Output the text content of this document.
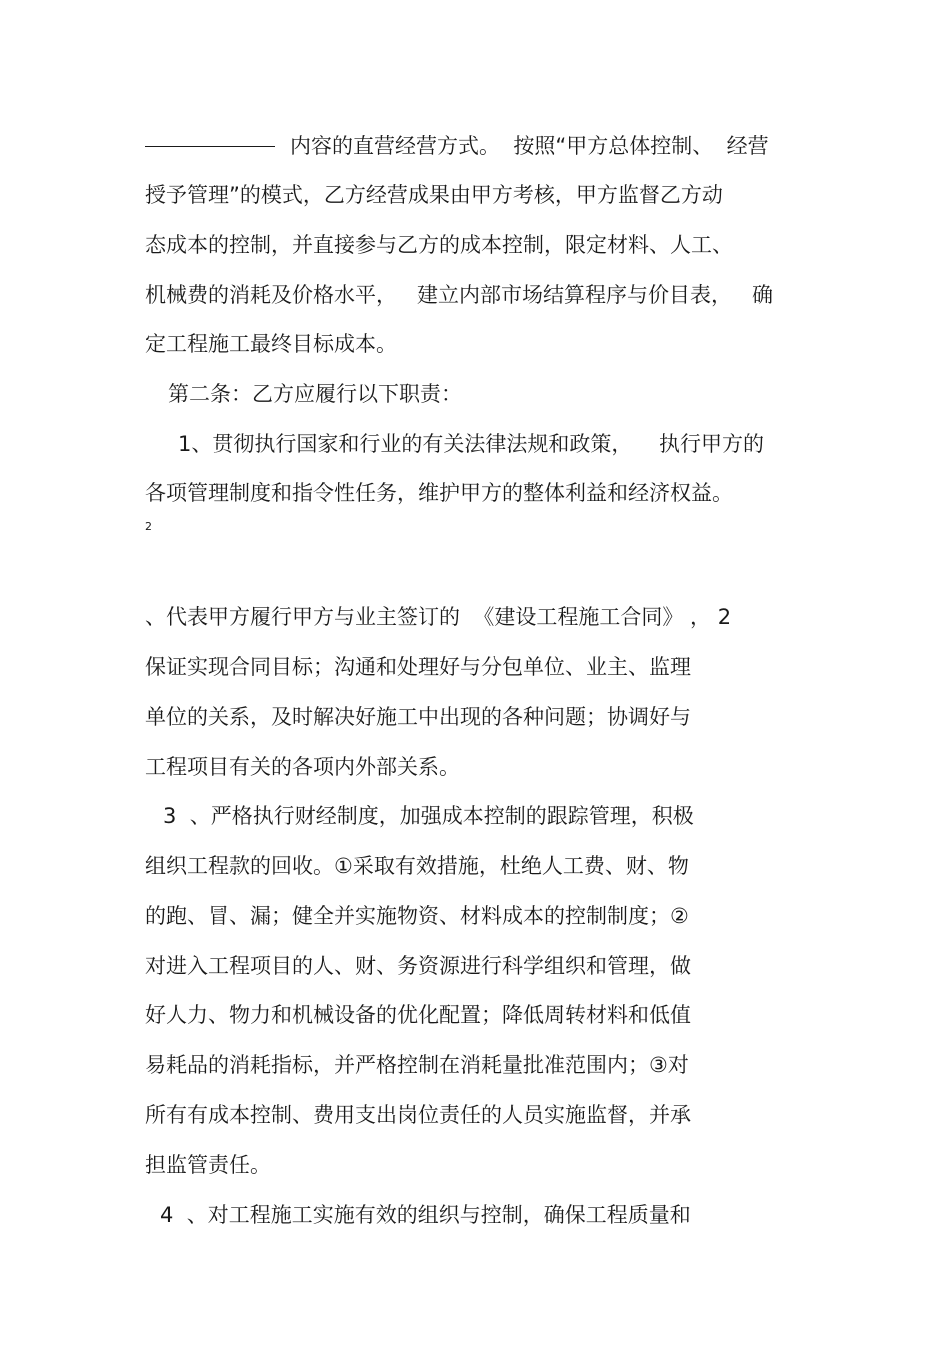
内容的直营经营方式。  按照“甲方总体控制、  经营
授予管理”的模式，乙方经营成果由甲方考核，甲方监督乙方动
态成本的控制，并直接参与乙方的成本控制，限定材料、人工、
机械费的消耗及价格水平，   建立内部市场结算程序与价目表，   确
定工程施工最终目标成本。
第二条：乙方应履行以下职责：
1、贯彻执行国家和行业的有关法律法规和政策，    执行甲方的
各项管理制度和指令性任务，维护甲方的整体利益和经济权益。
2
、代表甲方履行甲方与业主签订的  《建设工程施工合同》 ， 2
保证实现合同目标；沟通和处理好与分包单位、业主、监理
单位的关系，及时解决好施工中出现的各种问题；协调好与
工程项目有关的各项内外部关系。
3  、严格执行财经制度，加强成本控制的跟踪管理，积极
组织工程款的回收。①采取有效措施，杜绝人工费、财、物
的跑、冒、漏；健全并实施物资、材料成本的控制制度；②
对进入工程项目的人、财、务资源进行科学组织和管理，做
好人力、物力和机械设备的优化配置；降低周转材料和低值
易耗品的消耗指标，并严格控制在消耗量批准范围内；③对
所有有成本控制、费用支出岗位责任的人员实施监督，并承
担监管责任。
4  、对工程施工实施有效的组织与控制，确保工程质量和
